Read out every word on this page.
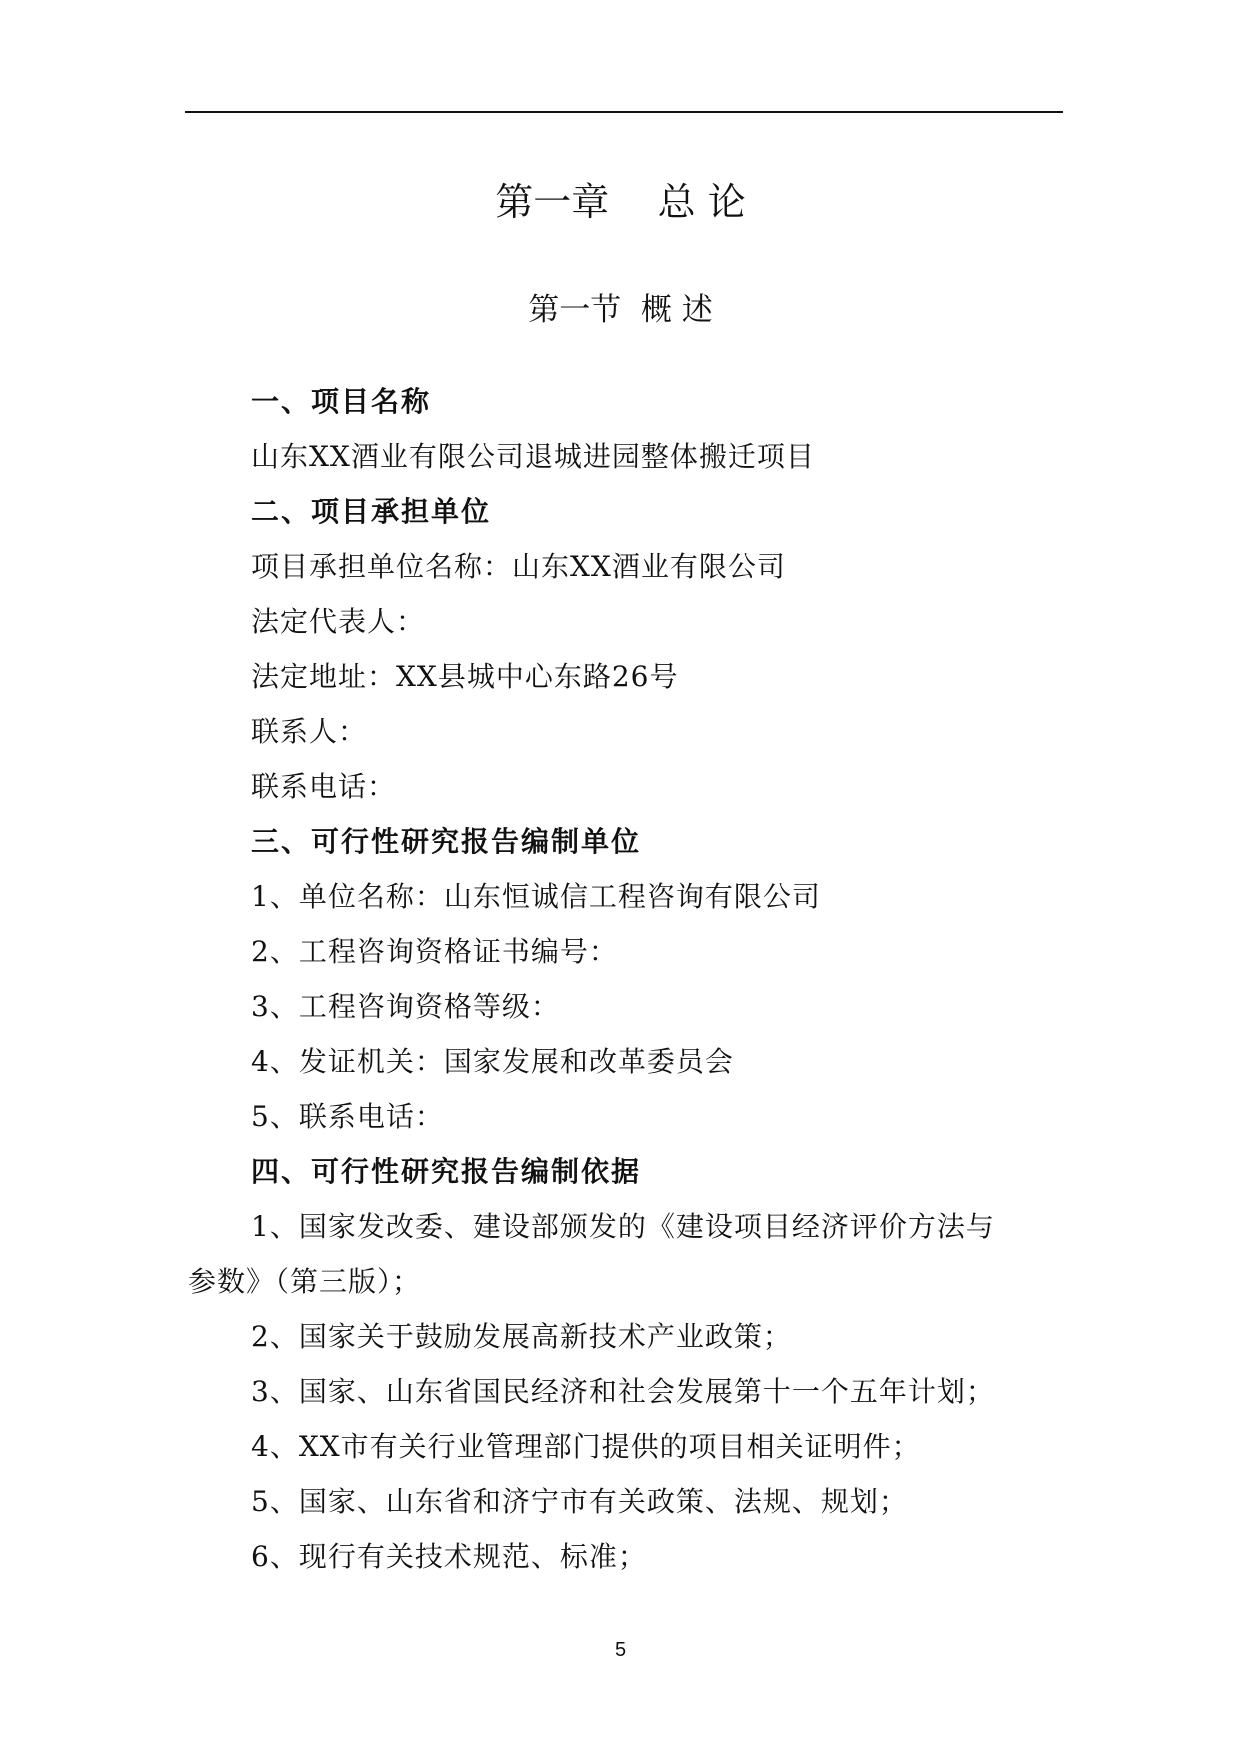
第一章    总 论
第一节  概 述
一、项目名称
山东XX酒业有限公司退城进园整体搬迁项目
二、项目承担单位
项目承担单位名称：山东XX酒业有限公司
法定代表人：
法定地址：XX县城中心东路26号
联系人：
联系电话：
三、可行性研究报告编制单位
1、单位名称：山东恒诚信工程咨询有限公司
2、工程咨询资格证书编号：
3、工程咨询资格等级：
4、发证机关：国家发展和改革委员会
5、联系电话：
四、可行性研究报告编制依据
1、国家发改委、建设部颁发的《建设项目经济评价方法与
参数》（第三版）；
2、国家关于鼓励发展高新技术产业政策；
3、国家、山东省国民经济和社会发展第十一个五年计划；
4、XX市有关行业管理部门提供的项目相关证明件；
5、国家、山东省和济宁市有关政策、法规、规划；
6、现行有关技术规范、标准；
5
